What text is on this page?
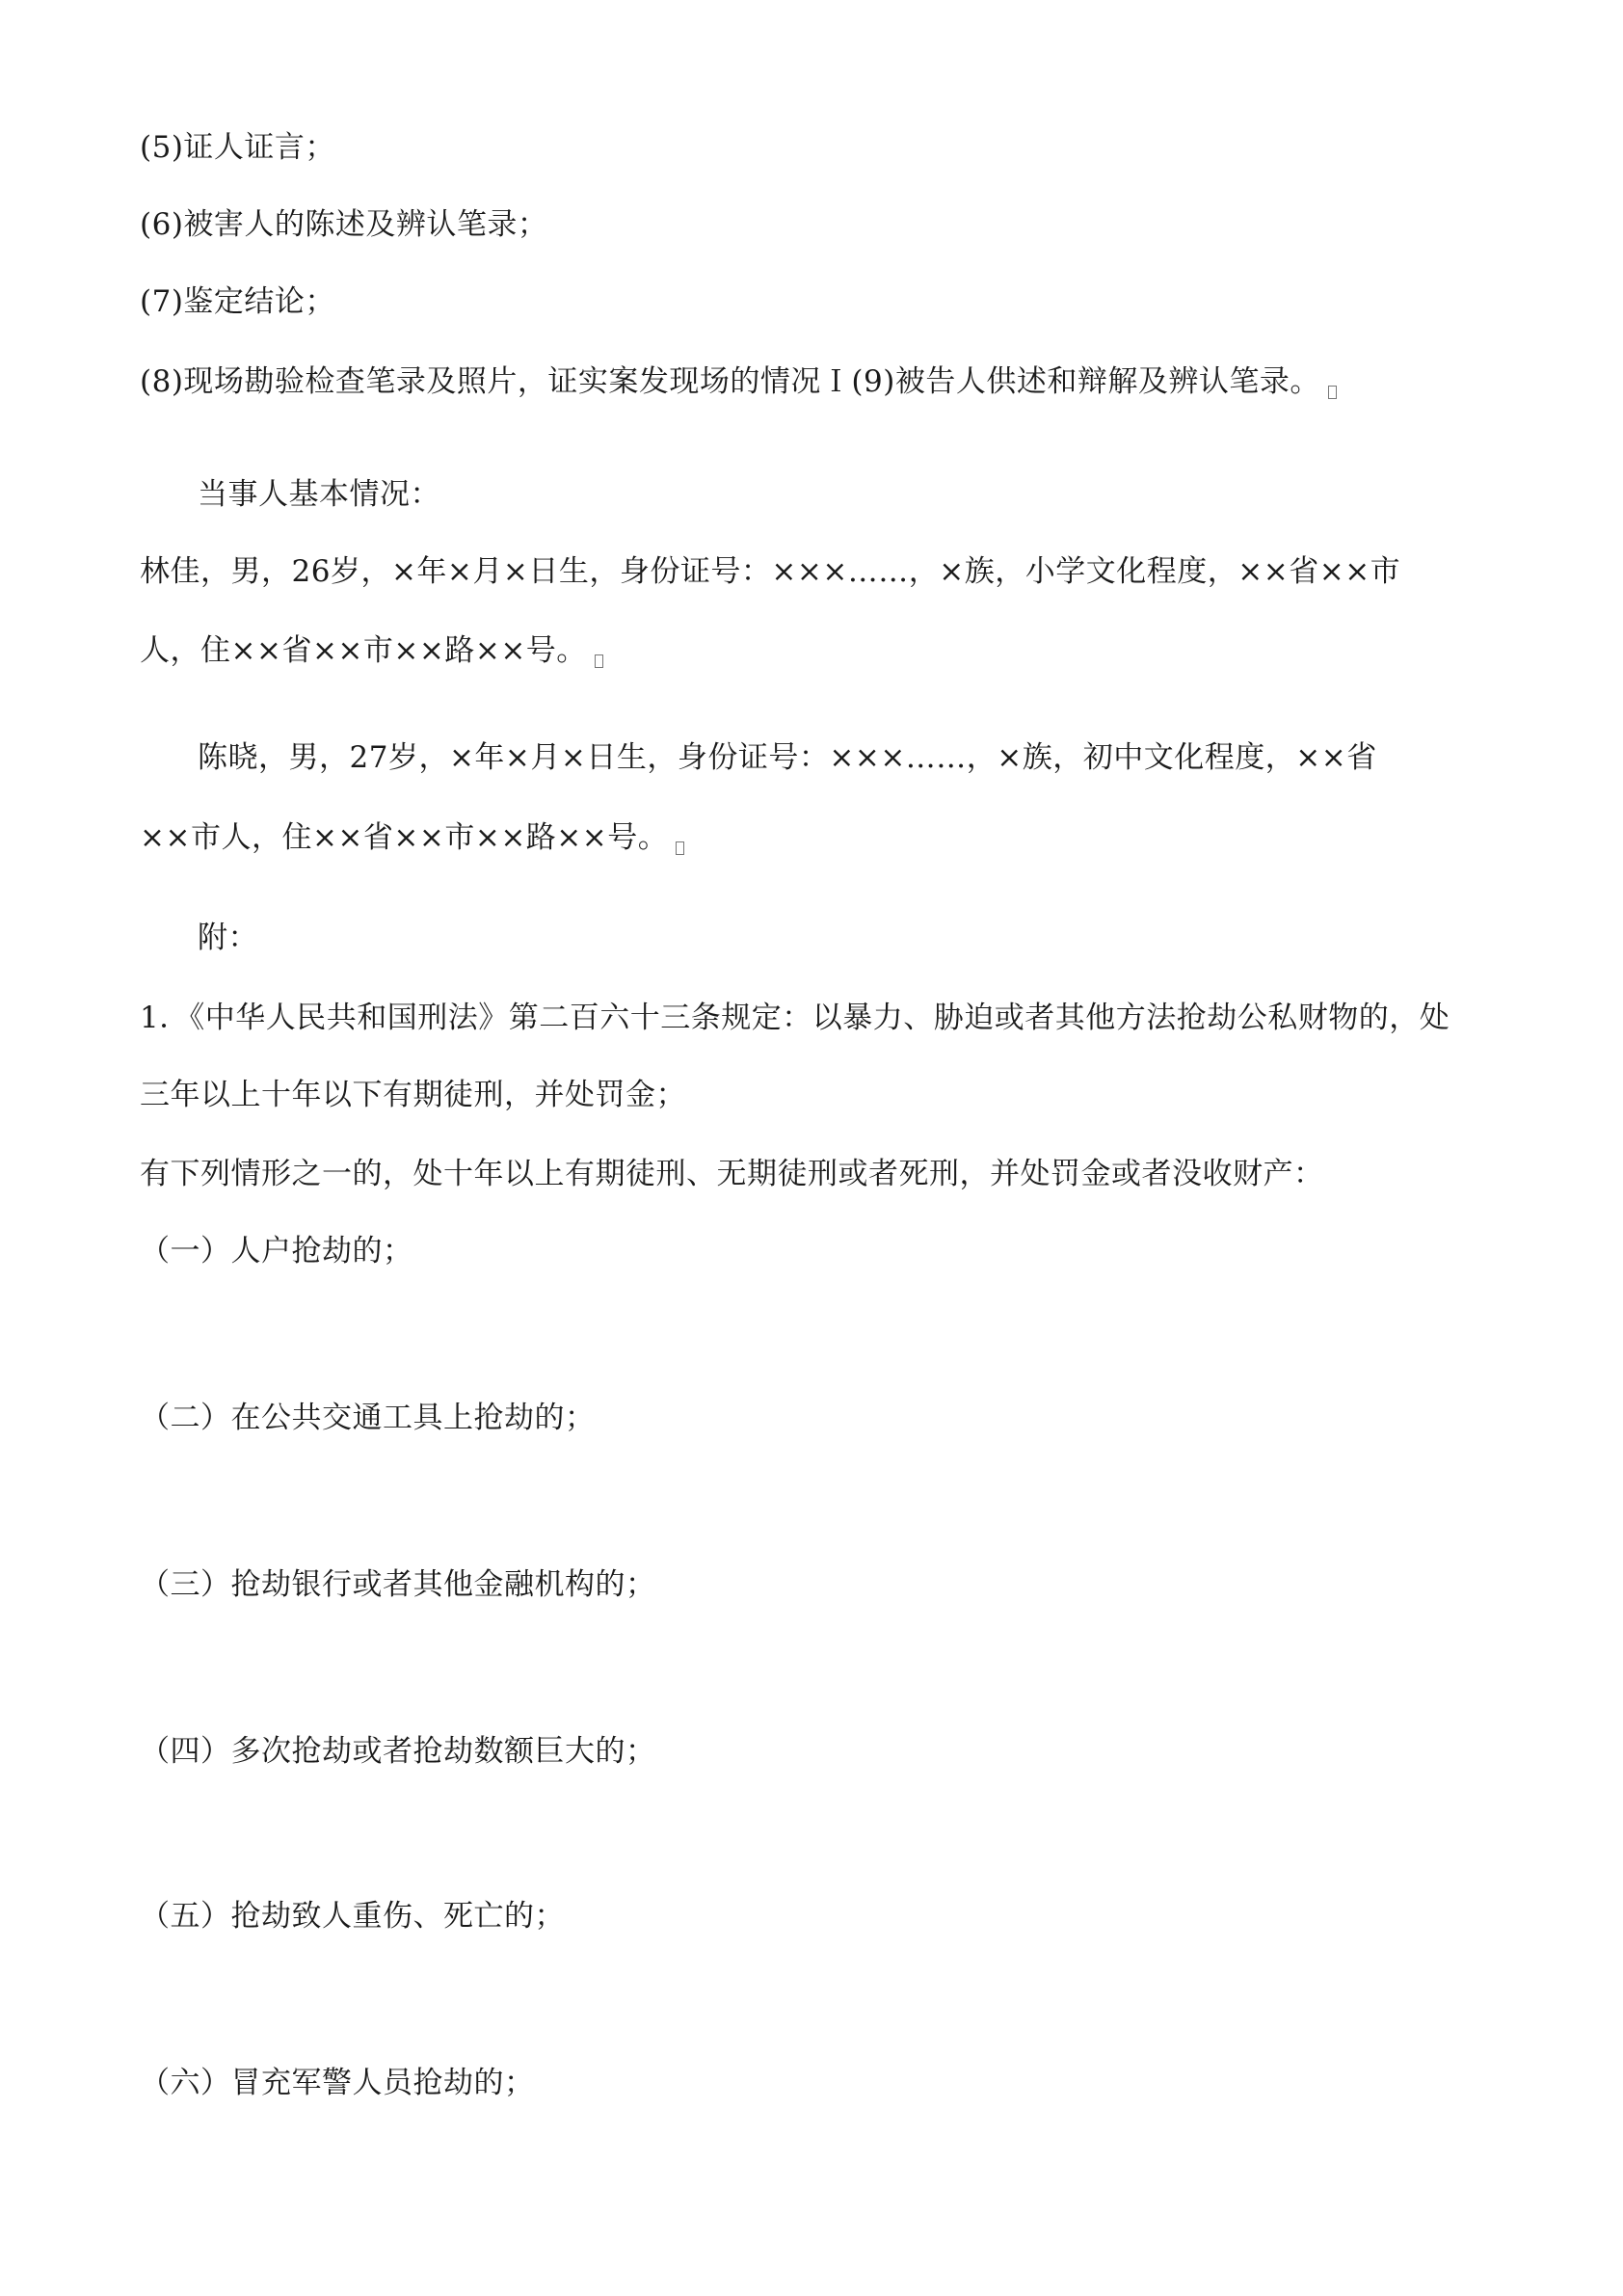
(5)证人证言；
(6)被害人的陈述及辨认笔录；
(7)鉴定结论；
(8)现场勘验检查笔录及照片，证实案发现场的情况Ｉ(9)被告人供述和辩解及辨认笔录。
当事人基本情况：
林佳，男，26岁，×年×月×日生，身份证号：×××……，×族，小学文化程度，××省××市
人，住××省××市××路××号。
陈晓，男，27岁，×年×月×日生，身份证号：×××……，×族，初中文化程度，××省
××市人，住××省××市××路××号。
附：
1．《中华人民共和国刑法》第二百六十三条规定：以暴力、胁迫或者其他方法抢劫公私财物的，处
三年以上十年以下有期徒刑，并处罚金；
有下列情形之一的，处十年以上有期徒刑、无期徒刑或者死刑，并处罚金或者没收财产：
（一）人户抢劫的；
（二）在公共交通工具上抢劫的；
（三）抢劫银行或者其他金融机构的；
（四）多次抢劫或者抢劫数额巨大的；
（五）抢劫致人重伤、死亡的；
（六）冒充军警人员抢劫的；
